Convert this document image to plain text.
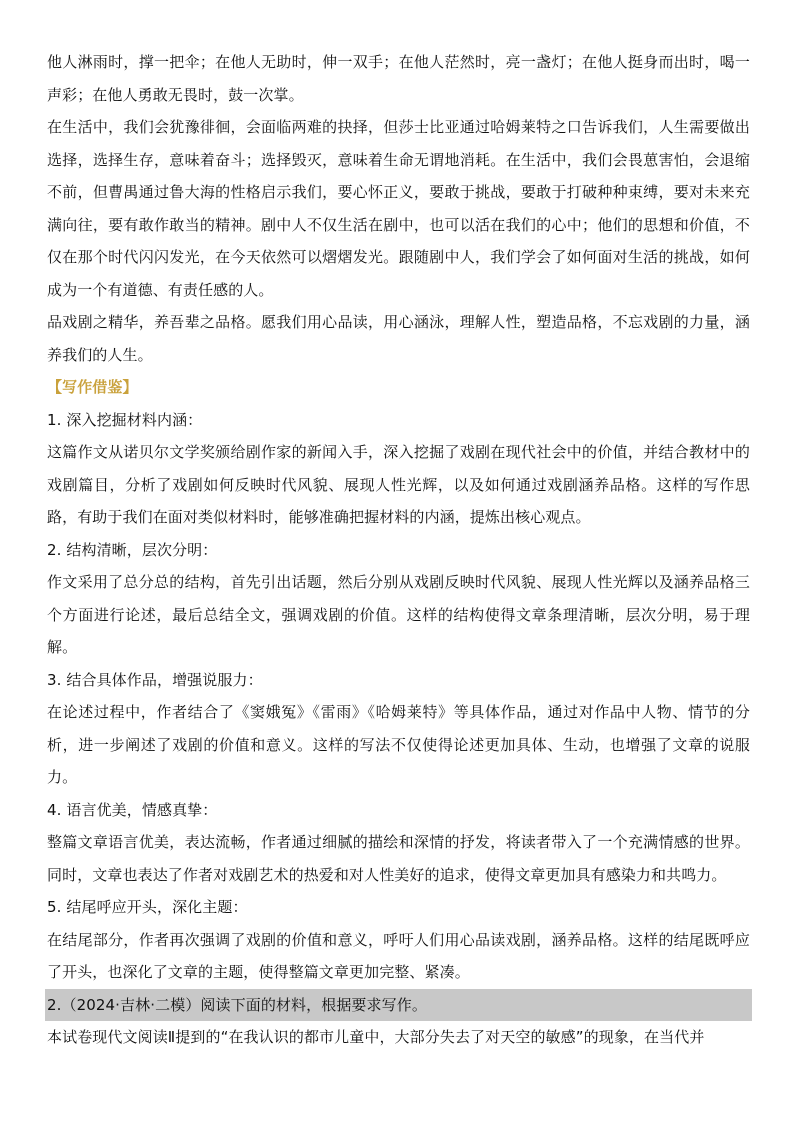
他人淋雨时，撑一把伞；在他人无助时，伸一双手；在他人茫然时，亮一盏灯；在他人挺身而出时，喝一声彩；在他人勇敢无畏时，鼓一次掌。

在生活中，我们会犹豫徘徊，会面临两难的抉择，但莎士比亚通过哈姆莱特之口告诉我们，人生需要做出选择，选择生存，意味着奋斗；选择毁灭，意味着生命无谓地消耗。在生活中，我们会畏葸害怕，会退缩不前，但曹禺通过鲁大海的性格启示我们，要心怀正义，要敢于挑战，要敢于打破种种束缚，要对未来充满向往，要有敢作敢当的精神。剧中人不仅生活在剧中，也可以活在我们的心中；他们的思想和价值，不仅在那个时代闪闪发光，在今天依然可以熠熠发光。跟随剧中人，我们学会了如何面对生活的挑战，如何成为一个有道德、有责任感的人。

品戏剧之精华，养吾辈之品格。愿我们用心品读，用心涵泳，理解人性，塑造品格，不忘戏剧的力量，涵养我们的人生。

【写作借鉴】

1. 深入挖掘材料内涵：

这篇作文从诺贝尔文学奖颁给剧作家的新闻入手，深入挖掘了戏剧在现代社会中的价值，并结合教材中的戏剧篇目，分析了戏剧如何反映时代风貌、展现人性光辉，以及如何通过戏剧涵养品格。这样的写作思路，有助于我们在面对类似材料时，能够准确把握材料的内涵，提炼出核心观点。

2. 结构清晰，层次分明：

作文采用了总分总的结构，首先引出话题，然后分别从戏剧反映时代风貌、展现人性光辉以及涵养品格三个方面进行论述，最后总结全文，强调戏剧的价值。这样的结构使得文章条理清晰，层次分明，易于理解。

3. 结合具体作品，增强说服力：

在论述过程中，作者结合了《窦娥冤》《雷雨》《哈姆莱特》等具体作品，通过对作品中人物、情节的分析，进一步阐述了戏剧的价值和意义。这样的写法不仅使得论述更加具体、生动，也增强了文章的说服力。

4. 语言优美，情感真挚：

整篇文章语言优美，表达流畅，作者通过细腻的描绘和深情的抒发，将读者带入了一个充满情感的世界。同时，文章也表达了作者对戏剧艺术的热爱和对人性美好的追求，使得文章更加具有感染力和共鸣力。

5. 结尾呼应开头，深化主题：

在结尾部分，作者再次强调了戏剧的价值和意义，呼吁人们用心品读戏剧，涵养品格。这样的结尾既呼应了开头，也深化了文章的主题，使得整篇文章更加完整、紧凑。

2.（2024·吉林·二模）阅读下面的材料，根据要求写作。

本试卷现代文阅读Ⅱ提到的“在我认识的都市儿童中，大部分失去了对天空的敏感”的现象，在当代并
